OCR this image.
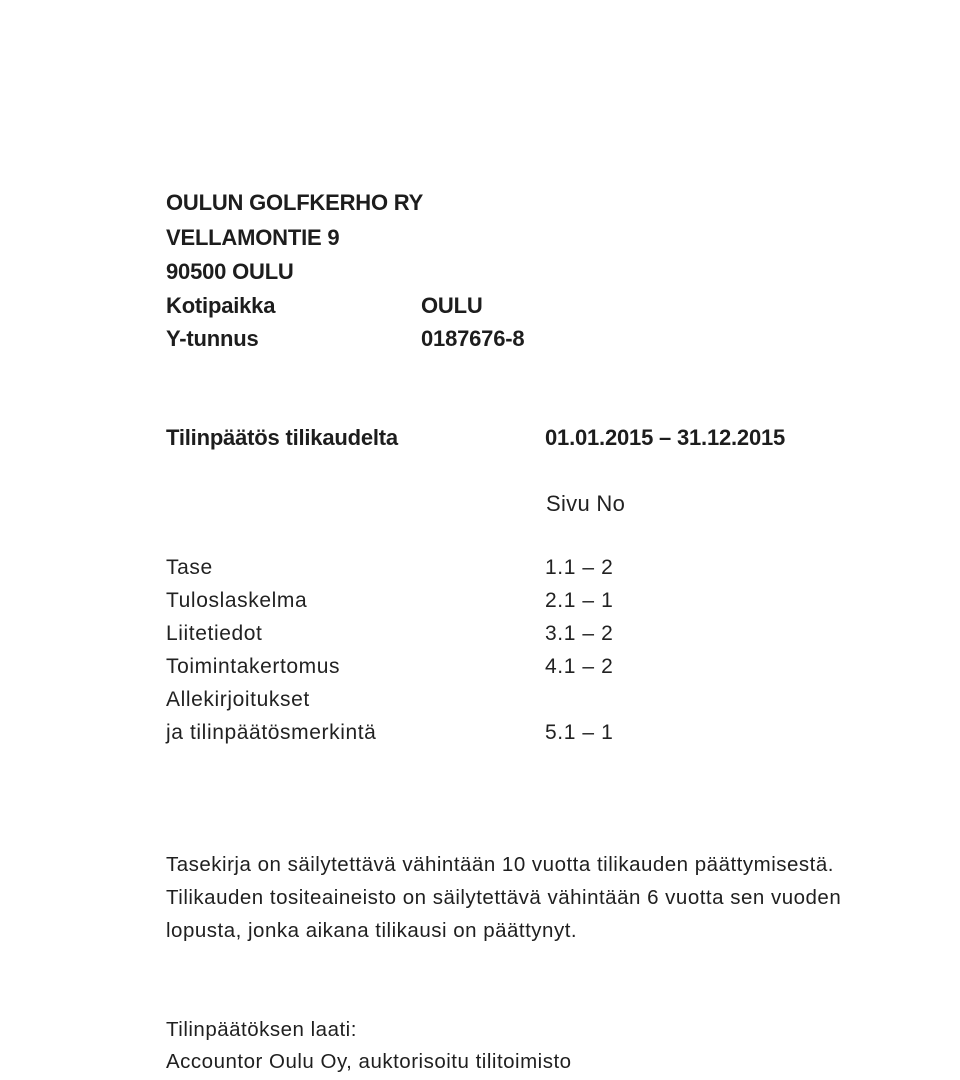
OULUN GOLFKERHO RY
VELLAMONTIE 9
90500 OULU
Kotipaikka	OULU
Y-tunnus	0187676-8
Tilinpäätös tilikaudelta	01.01.2015 – 31.12.2015
Sivu No
Tase	1.1 – 2
Tuloslaskelma	2.1 – 1
Liitetiedot	3.1 – 2
Toimintakertomus	4.1 – 2
Allekirjoitukset
ja tilinpäätösmerkintä	5.1 – 1
Tasekirja on säilytettävä vähintään 10 vuotta tilikauden päättymisestä.
Tilikauden tositeaineisto on säilytettävä vähintään 6 vuotta sen vuoden
lopusta, jonka aikana tilikausi on päättynyt.
Tilinpäätöksen laati:
Accountor Oulu Oy, auktorisoitu tilitoimisto
